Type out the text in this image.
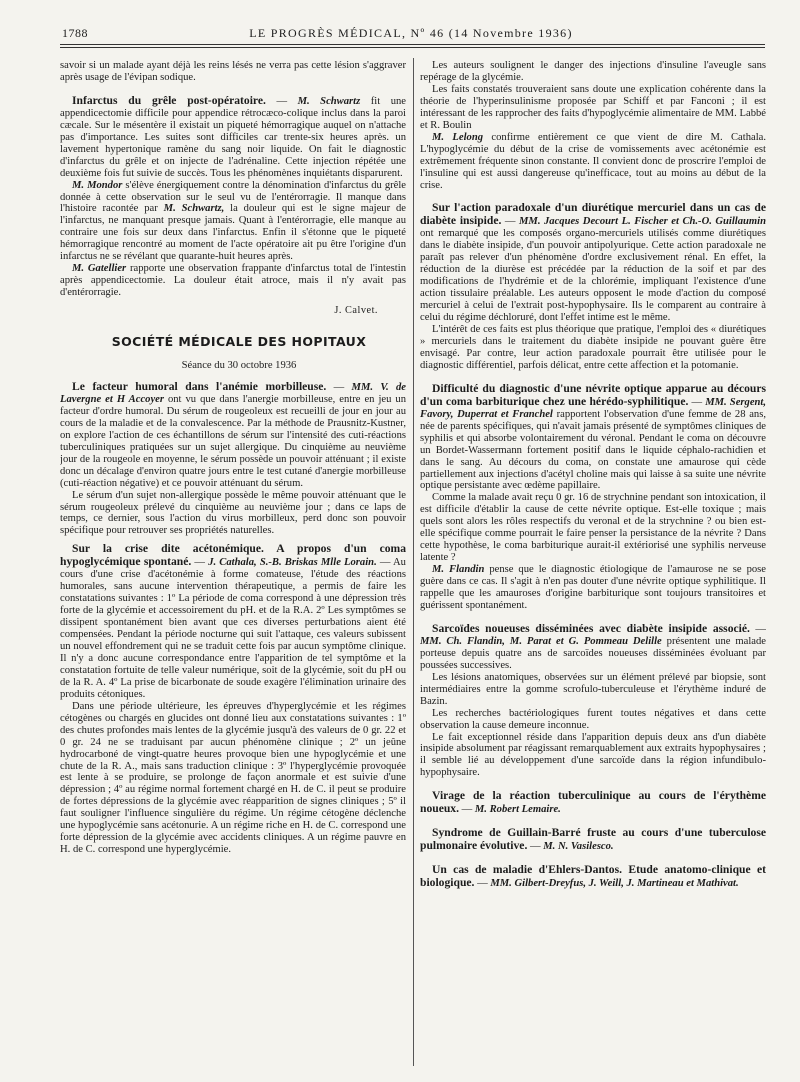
1788	LE PROGRÈS MÉDICAL, Nº 46 (14 Novembre 1936)

savoir si un malade ayant déjà les reins lésés ne verra pas cette lésion s'aggraver après usage de l'évipan sodique.

Infarctus du grêle post-opératoire. — M. Schwartz fit une appendicectomie difficile pour appendice rétrocæco-colique inclus dans la paroi cæcale. Sur le mésentère il existait un piqueté hémorragique auquel on n'attache pas d'importance. Les suites sont difficiles car trente-six heures après. un lavement hypertonique ramène du sang noir liquide. On fait le diagnostic d'infarctus du grêle et on injecte de l'adrénaline. Cette injection répétée une deuxième fois fut suivie de succès. Tous les phénomènes inquiétants disparurent.

M. Mondor s'élève énergiquement contre la dénomination d'infarctus du grêle donnée à cette observation sur le seul vu de l'entérorragie. Il manque dans l'histoire racontée par M. Schwartz, la douleur qui est le signe majeur de l'infarctus, ne manquant presque jamais. Quant à l'entérorragie, elle manque au contraire une fois sur deux dans l'infarctus. Enfin il s'étonne que le piqueté hémorragique rencontré au moment de l'acte opératoire ait pu être l'origine d'un infarctus ne se révélant que quarante-huit heures après.

M. Gatellier rapporte une observation frappante d'infarctus total de l'intestin après appendicectomie. La douleur était atroce, mais il n'y avait pas d'entérorragie.

J. Calvet.

SOCIÉTÉ MÉDICALE DES HOPITAUX

Séance du 30 octobre 1936

Le facteur humoral dans l'anémie morbilleuse. — MM. V. de Lavergne et H Accoyer ont vu que dans l'anergie morbilleuse, entre en jeu un facteur d'ordre humoral. Du sérum de rougeoleux est recueilli de jour en jour au cours de la maladie et de la convalescence. Par la méthode de Prausnitz-Kustner, on explore l'action de ces échantillons de sérum sur l'intensité des cuti-réactions tuberculiniques pratiquées sur un sujet allergique. Du cinquième au neuvième jour de la rougeole en moyenne, le sérum possède un pouvoir atténuant ; il existe donc un décalage d'environ quatre jours entre le test cutané d'anergie morbilleuse (cuti-réaction négative) et ce pouvoir atténuant du sérum.

Le sérum d'un sujet non-allergique possède le même pouvoir atténuant que le sérum rougeoleux prélevé du cinquième au neuvième jour ; dans ce laps de temps, ce dernier, sous l'action du virus morbilleux, perd donc son pouvoir spécifique pour retrouver ses propriétés naturelles.

Sur la crise dite acétonémique. A propos d'un coma hypoglycémique spontané. — J. Cathala, S.-B. Briskas Mlle Lorain. — Au cours d'une crise d'acétonémie à forme comateuse, l'étude des réactions humorales, sans aucune intervention thérapeutique, a permis de faire les constatations suivantes : 1º La période de coma correspond à une dépression très forte de la glycémie et accessoirement du pH. et de la R.A. 2º Les symptômes se dissipent spontanément bien avant que ces diverses perturbations aient été compensées. Pendant la période nocturne qui suit l'attaque, ces valeurs subissent un nouvel effondrement qui ne se traduit cette fois par aucun symptôme clinique. Il n'y a donc aucune correspondance entre l'apparition de tel symptôme et la constatation fortuite de telle valeur numérique, soit de la glycémie, soit du pH ou de la R. A. 4º La prise de bicarbonate de soude exagère l'élimination urinaire des produits cétoniques.

Dans une période ultérieure, les épreuves d'hyperglycémie et les régimes cétogènes ou chargés en glucides ont donné lieu aux constatations suivantes : 1º des chutes profondes mais lentes de la glycémie jusqu'à des valeurs de 0 gr. 22 et 0 gr. 24 ne se traduisant par aucun phénomène clinique ; 2º un jeûne hydrocarboné de vingt-quatre heures provoque bien une hypoglycémie et une chute de la R. A., mais sans traduction clinique : 3º l'hyperglycémie provoquée est lente à se produire, se prolonge de façon anormale et est suivie d'une dépression ; 4º au régime normal fortement chargé en H. de C. il peut se produire de fortes dépressions de la glycémie avec réapparition de signes cliniques ; 5º il faut souligner l'influence singulière du régime. Un régime cétogène déclenche une hypoglycémie sans acétonurie. A un régime riche en H. de C. correspond une forte dépression de la glycémie avec accidents cliniques. A un régime pauvre en H. de C. correspond une hyperglycémie.

Les auteurs soulignent le danger des injections d'insuline l'aveugle sans repérage de la glycémie.

Les faits constatés trouveraient sans doute une explication cohérente dans la théorie de l'hyperinsulinisme proposée par Schiff et par Fanconi ; il est intéressant de les rapprocher des faits d'hypoglycémie alimentaire de MM. Labbé et R. Boulin

M. Lelong confirme entièrement ce que vient de dire M. Cathala. L'hypoglycémie du début de la crise de vomissements avec acétonémie est extrêmement fréquente sinon constante. Il convient donc de proscrire l'emploi de l'insuline qui est aussi dangereuse qu'inefficace, tout au moins au début de la crise.

Sur l'action paradoxale d'un diurétique mercuriel dans un cas de diabète insipide. — MM. Jacques Decourt L. Fischer et Ch.-O. Guillaumin ont remarqué que les composés organo-mercuriels utilisés comme diurétiques dans le diabète insipide, d'un pouvoir antipolyurique. Cette action paradoxale ne paraît pas relever d'un phénomène d'ordre exclusivement rénal. En effet, la réduction de la diurèse est précédée par la réduction de la soif et par des modifications de l'hydrémie et de la chlorémie, impliquant l'existence d'une action tissulaire préalable. Les auteurs opposent le mode d'action du composé mercuriel à celui de l'extrait post-hypophysaire. Ils le comparent au contraire à celui du régime déchloruré, dont l'effet intime est le même.

L'intérêt de ces faits est plus théorique que pratique, l'emploi des « diurétiques » mercuriels dans le traitement du diabète insipide ne pouvant guère être envisagé. Par contre, leur action paradoxale pourrait être utilisée pour le diagnostic différentiel, parfois délicat, entre cette affection et la potomanie.

Difficulté du diagnostic d'une névrite optique apparue au décours d'un coma barbiturique chez une hérédo-syphilitique. — MM. Sergent, Favory, Duperrat et Franchel rapportent l'observation d'une femme de 28 ans, née de parents spécifiques, qui n'avait jamais présenté de symptômes cliniques de syphilis et qui absorbe volontairement du véronal. Pendant le coma on découvre un Bordet-Wassermann fortement positif dans le liquide céphalo-rachidien et dans le sang. Au décours du coma, on constate une amaurose qui cède partiellement aux injections d'acétyl choline mais qui laisse à sa suite une névrite optique persistante avec œdème papillaire.

Comme la malade avait reçu 0 gr. 16 de strychnine pendant son intoxication, il est difficile d'établir la cause de cette névrite optique. Est-elle toxique ; mais quels sont alors les rôles respectifs du veronal et de la strychnine ? ou bien est-elle spécifique comme pourrait le faire penser la persistance de la névrite ? Dans cette hypothèse, le coma barbiturique aurait-il extériorisé une syphilis nerveuse latente ?

M. Flandin pense que le diagnostic étiologique de l'amaurose ne se pose guère dans ce cas. Il s'agit à n'en pas douter d'une névrite optique syphilitique. Il rappelle que les amauroses d'origine barbiturique sont toujours transitoires et guérissent spontanément.

Sarcoïdes noueuses disséminées avec diabète insipide associé. — MM. Ch. Flandin, M. Parat et G. Pommeau Delille présentent une malade porteuse depuis quatre ans de sarcoïdes noueuses disséminées évoluant par poussées successives.

Les lésions anatomiques, observées sur un élément prélevé par biopsie, sont intermédiaires entre la gomme scrofulo-tuberculeuse et l'érythème induré de Bazin.

Les recherches bactériologiques furent toutes négatives et dans cette observation la cause demeure inconnue.

Le fait exceptionnel réside dans l'apparition depuis deux ans d'un diabète insipide absolument par réagissant remarquablement aux extraits hypophysaires ; il semble lié au développement d'une sarcoïde dans la région infundibulo-hypophysaire.

Virage de la réaction tuberculinique au cours de l'érythème noueux. — M. Robert Lemaire.

Syndrome de Guillain-Barré fruste au cours d'une tuberculose pulmonaire évolutive. — M. N. Vasilesco.

Un cas de maladie d'Ehlers-Dantos. Etude anatomo-clinique et biologique. — MM. Gilbert-Dreyfus, J. Weill, J. Martineau et Mathivat.
